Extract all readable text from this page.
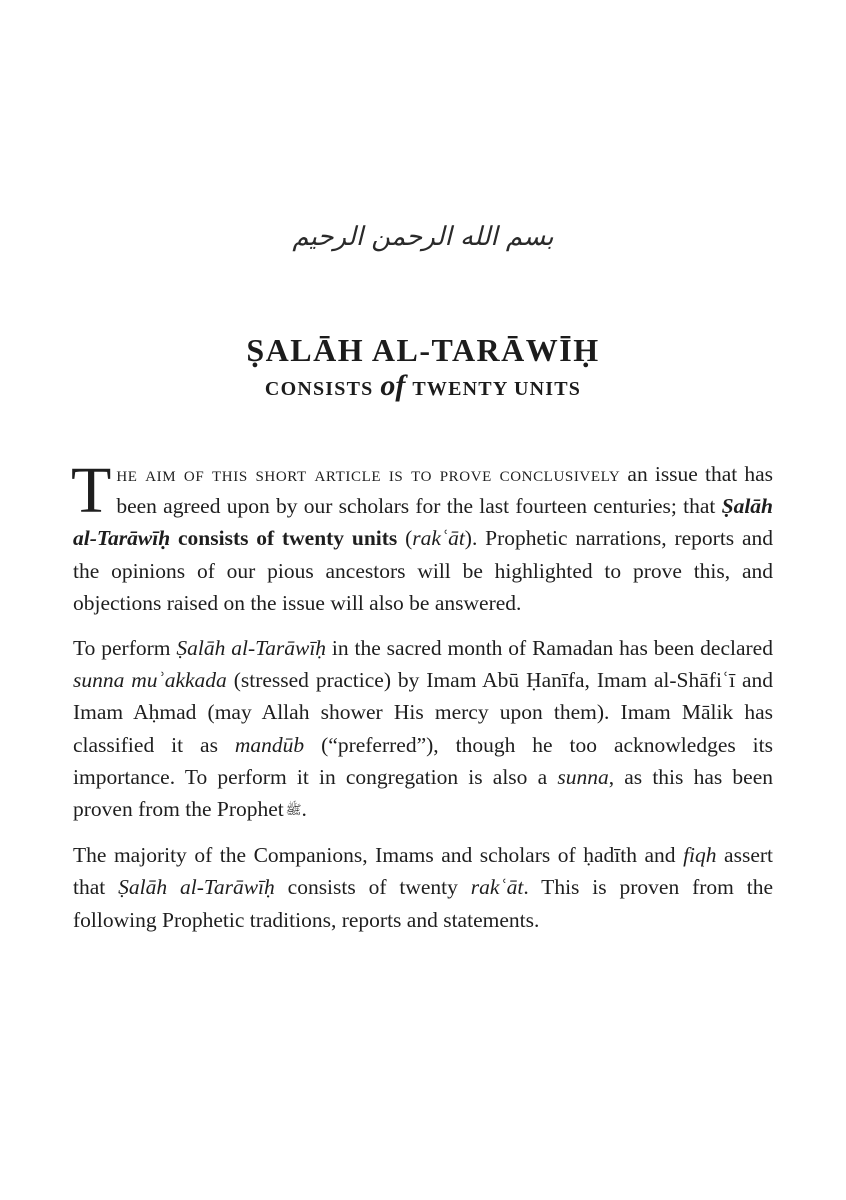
بسم الله الرحمن الرحيم
ṢALĀH AL-TARĀWĪḤ
CONSISTS of TWENTY UNITS

The aim of this short article is to prove conclusively an issue that has been agreed upon by our scholars for the last fourteen centuries; that Ṣalāh al-Tarāwīḥ consists of twenty units (rakʿāt). Prophetic narrations, reports and the opinions of our pious ancestors will be highlighted to prove this, and objections raised on the issue will also be answered.

To perform Ṣalāh al-Tarāwīḥ in the sacred month of Ramadan has been declared sunna muʾakkada (stressed practice) by Imam Abū Ḥanīfa, Imam al-Shāfiʿī and Imam Aḥmad (may Allah shower His mercy upon them). Imam Mālik has classified it as mandūb (“preferred”), though he too acknowledges its importance. To perform it in congregation is also a sunna, as this has been proven from the Prophet ﷺ.

The majority of the Companions, Imams and scholars of ḥadīth and fiqh assert that Ṣalāh al-Tarāwīḥ consists of twenty rakʿāt. This is proven from the following Prophetic traditions, reports and statements.
